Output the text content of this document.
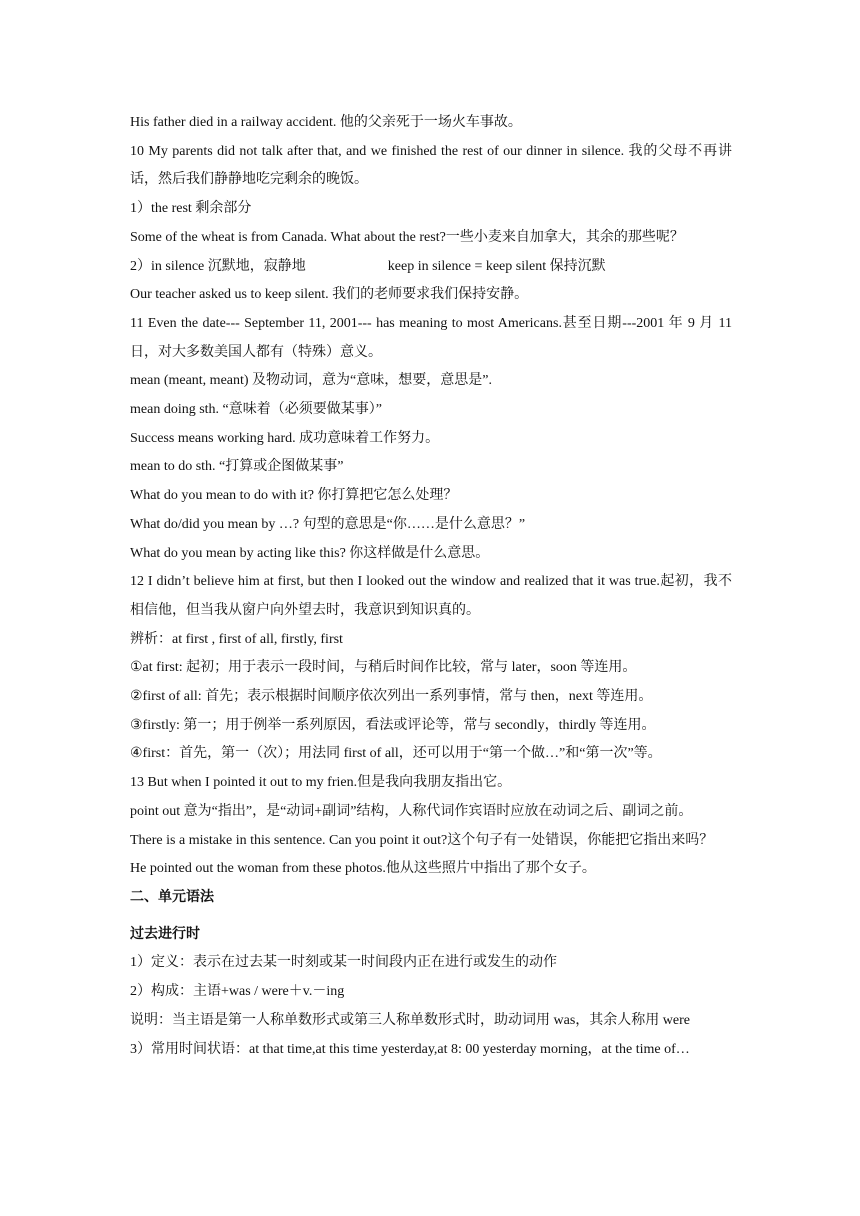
His father died in a railway accident. 他的父亲死于一场火车事故。
10 My parents did not talk after that, and we finished the rest of our dinner in silence. 我的父母不再讲话，然后我们静静地吃完剩余的晚饭。
1）the rest 剩余部分
Some of the wheat is from Canada. What about the rest?一些小麦来自加拿大，其余的那些呢？
2）in silence 沉默地，寂静地	keep in silence = keep silent 保持沉默
Our teacher asked us to keep silent. 我们的老师要求我们保持安静。
11 Even the date--- September 11, 2001--- has meaning to most Americans.甚至日期---2001 年 9 月 11 日，对大多数美国人都有（特殊）意义。
mean (meant, meant) 及物动词，意为“意味，想要，意思是”.
mean doing sth. “意味着（必须要做某事）”
Success means working hard. 成功意味着工作努力。
mean to do sth. “打算或企图做某事”
What do you mean to do with it? 你打算把它怎么处理？
What do/did you mean by …? 句型的意思是“你……是什么意思？”
What do you mean by acting like this? 你这样做是什么意思。
12 I didn’t believe him at first, but then I looked out the window and realized that it was true.起初，我不相信他，但当我从窗户向外望去时，我意识到知识真的。
辨析：at first , first of all, firstly, first
①at first: 起初；用于表示一段时间，与稍后时间作比较，常与 later，soon 等连用。
②first of all: 首先；表示根据时间顺序依次列出一系列事情，常与 then，next 等连用。
③firstly: 第一；用于例举一系列原因，看法或评论等，常与 secondly，thirdly 等连用。
④first：首先，第一（次）；用法同 first of all，还可以用于“第一个做…”和“第一次”等。
13 But when I pointed it out to my frien.但是我向我朋友指出它。
point out 意为“指出”，是“动词+副词”结构，人称代词作宾语时应放在动词之后、副词之前。
There is a mistake in this sentence. Can you point it out?这个句子有一处错误，你能把它指出来吗？
He pointed out the woman from these photos.他从这些照片中指出了那个女子。
二、单元语法
过去进行时
1）定义：表示在过去某一时刻或某一时间段内正在进行或发生的动作
2）构成：主语+was / were＋v.－ing
说明：当主语是第一人称单数形式或第三人称单数形式时，助动词用 was，其余人称用 were
3）常用时间状语：at that time,at this time yesterday,at 8: 00 yesterday morning，at the time of…
